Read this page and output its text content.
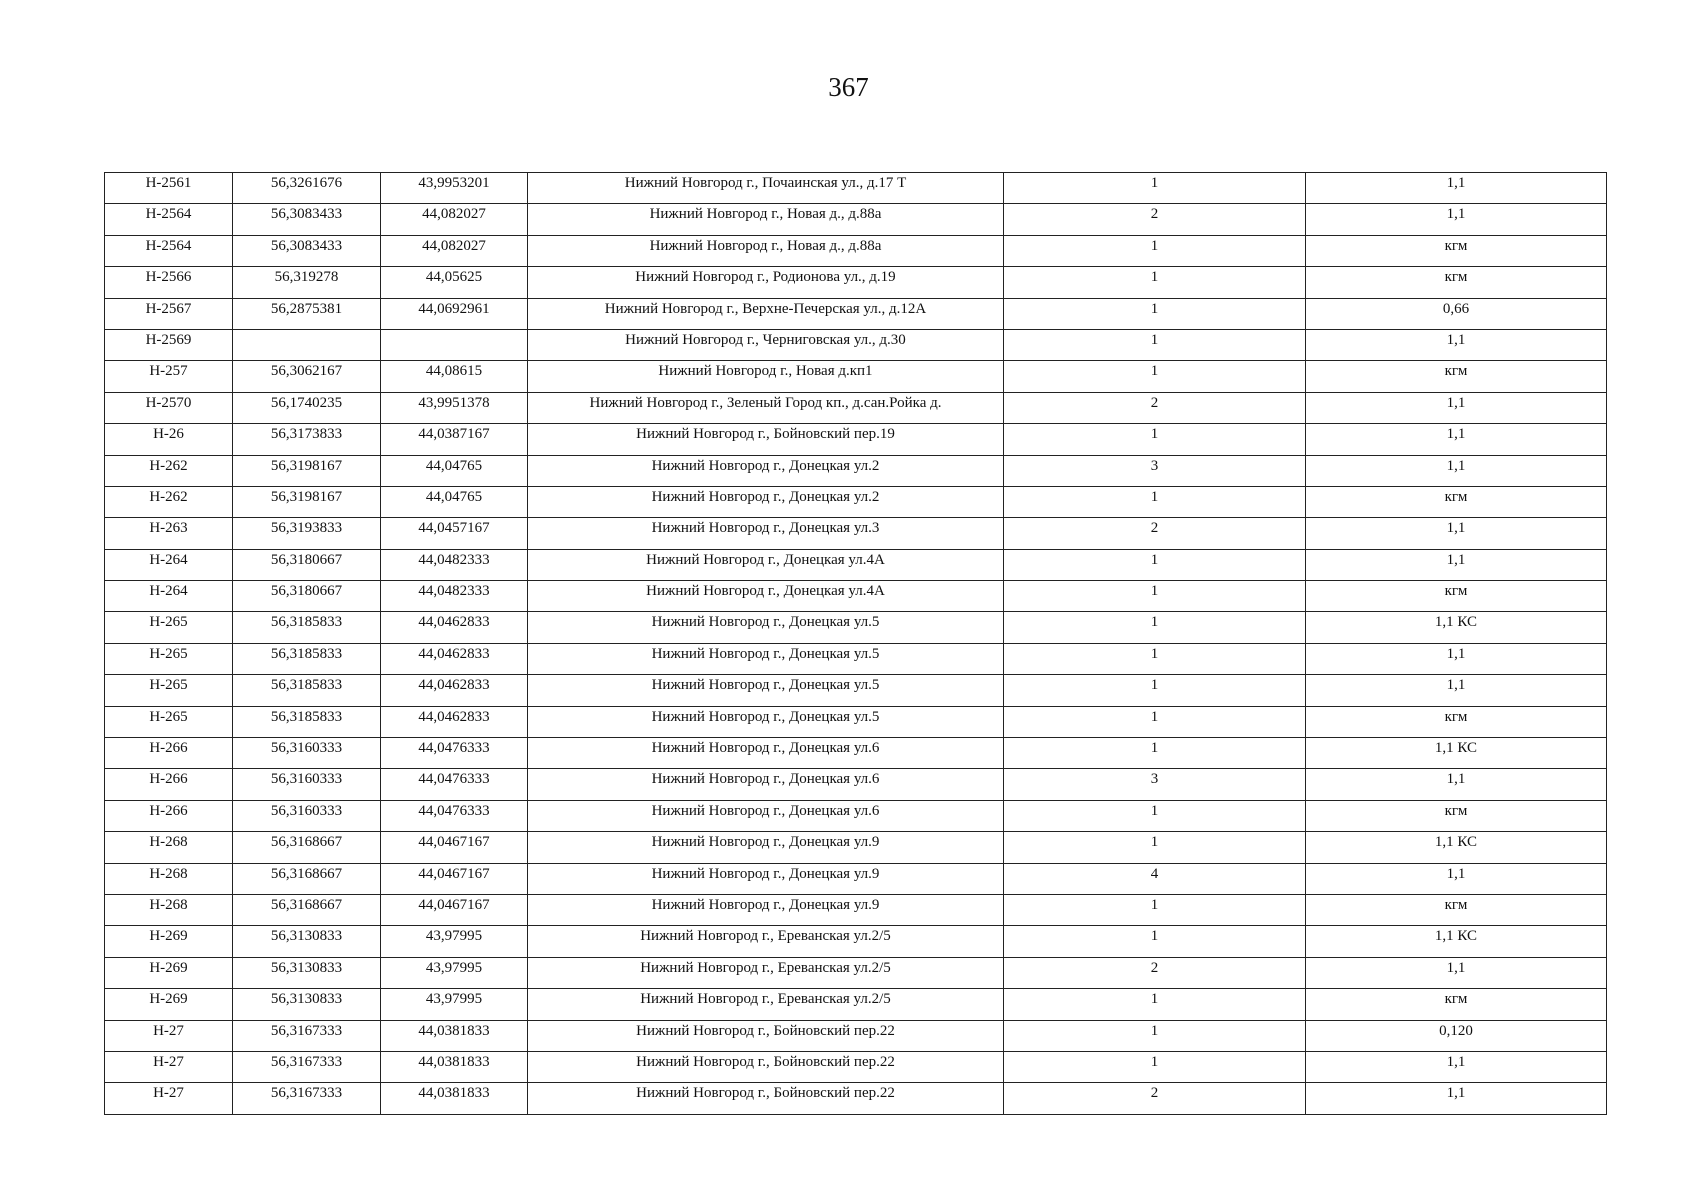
367
Н-2561	56,3261676	43,9953201	Нижний Новгород г., Почаинская ул., д.17 Т	1	1,1
Н-2564	56,3083433	44,082027	Нижний Новгород г., Новая д., д.88а	2	1,1
Н-2564	56,3083433	44,082027	Нижний Новгород г., Новая д., д.88а	1	кгм
Н-2566	56,319278	44,05625	Нижний Новгород г., Родионова ул., д.19	1	кгм
Н-2567	56,2875381	44,0692961	Нижний Новгород г., Верхне-Печерская ул., д.12А	1	0,66
Н-2569			Нижний Новгород г., Черниговская ул., д.30	1	1,1
Н-257	56,3062167	44,08615	Нижний Новгород г., Новая д.кп1	1	кгм
Н-2570	56,1740235	43,9951378	Нижний Новгород г., Зеленый Город кп., д.сан.Ройка д.	2	1,1
Н-26	56,3173833	44,0387167	Нижний Новгород г., Бойновский пер.19	1	1,1
Н-262	56,3198167	44,04765	Нижний Новгород г., Донецкая ул.2	3	1,1
Н-262	56,3198167	44,04765	Нижний Новгород г., Донецкая ул.2	1	кгм
Н-263	56,3193833	44,0457167	Нижний Новгород г., Донецкая ул.3	2	1,1
Н-264	56,3180667	44,0482333	Нижний Новгород г., Донецкая ул.4А	1	1,1
Н-264	56,3180667	44,0482333	Нижний Новгород г., Донецкая ул.4А	1	кгм
Н-265	56,3185833	44,0462833	Нижний Новгород г., Донецкая ул.5	1	1,1 КС
Н-265	56,3185833	44,0462833	Нижний Новгород г., Донецкая ул.5	1	1,1
Н-265	56,3185833	44,0462833	Нижний Новгород г., Донецкая ул.5	1	1,1
Н-265	56,3185833	44,0462833	Нижний Новгород г., Донецкая ул.5	1	кгм
Н-266	56,3160333	44,0476333	Нижний Новгород г., Донецкая ул.6	1	1,1 КС
Н-266	56,3160333	44,0476333	Нижний Новгород г., Донецкая ул.6	3	1,1
Н-266	56,3160333	44,0476333	Нижний Новгород г., Донецкая ул.6	1	кгм
Н-268	56,3168667	44,0467167	Нижний Новгород г., Донецкая ул.9	1	1,1 КС
Н-268	56,3168667	44,0467167	Нижний Новгород г., Донецкая ул.9	4	1,1
Н-268	56,3168667	44,0467167	Нижний Новгород г., Донецкая ул.9	1	кгм
Н-269	56,3130833	43,97995	Нижний Новгород г., Ереванская ул.2/5	1	1,1 КС
Н-269	56,3130833	43,97995	Нижний Новгород г., Ереванская ул.2/5	2	1,1
Н-269	56,3130833	43,97995	Нижний Новгород г., Ереванская ул.2/5	1	кгм
Н-27	56,3167333	44,0381833	Нижний Новгород г., Бойновский пер.22	1	0,120
Н-27	56,3167333	44,0381833	Нижний Новгород г., Бойновский пер.22	1	1,1
Н-27	56,3167333	44,0381833	Нижний Новгород г., Бойновский пер.22	2	1,1
